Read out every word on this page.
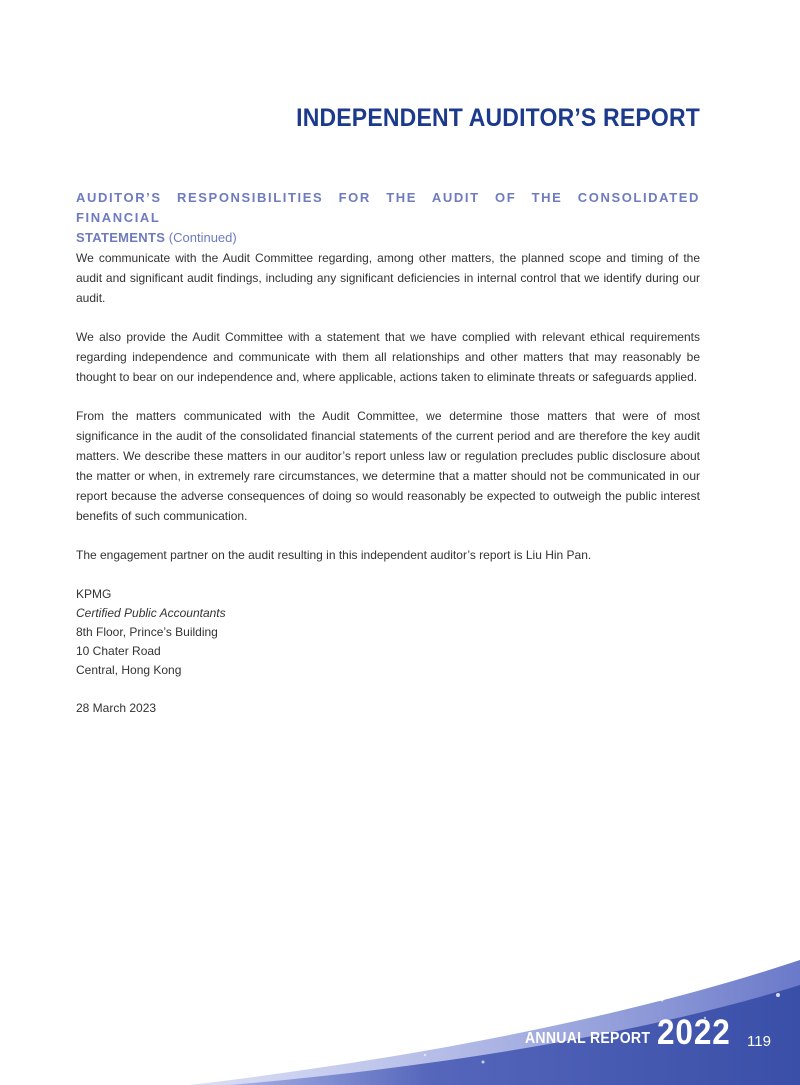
INDEPENDENT AUDITOR’S REPORT
AUDITOR’S RESPONSIBILITIES FOR THE AUDIT OF THE CONSOLIDATED FINANCIAL
STATEMENTS (Continued)

We communicate with the Audit Committee regarding, among other matters, the planned scope and timing of the audit and significant audit findings, including any significant deficiencies in internal control that we identify during our audit.

We also provide the Audit Committee with a statement that we have complied with relevant ethical requirements regarding independence and communicate with them all relationships and other matters that may reasonably be thought to bear on our independence and, where applicable, actions taken to eliminate threats or safeguards applied.

From the matters communicated with the Audit Committee, we determine those matters that were of most significance in the audit of the consolidated financial statements of the current period and are therefore the key audit matters. We describe these matters in our auditor’s report unless law or regulation precludes public disclosure about the matter or when, in extremely rare circumstances, we determine that a matter should not be communicated in our report because the adverse consequences of doing so would reasonably be expected to outweigh the public interest benefits of such communication.

The engagement partner on the audit resulting in this independent auditor’s report is Liu Hin Pan.

KPMG
Certified Public Accountants
8th Floor, Prince’s Building
10 Chater Road
Central, Hong Kong
28 March 2023
ANNUAL REPORT 2022 119
